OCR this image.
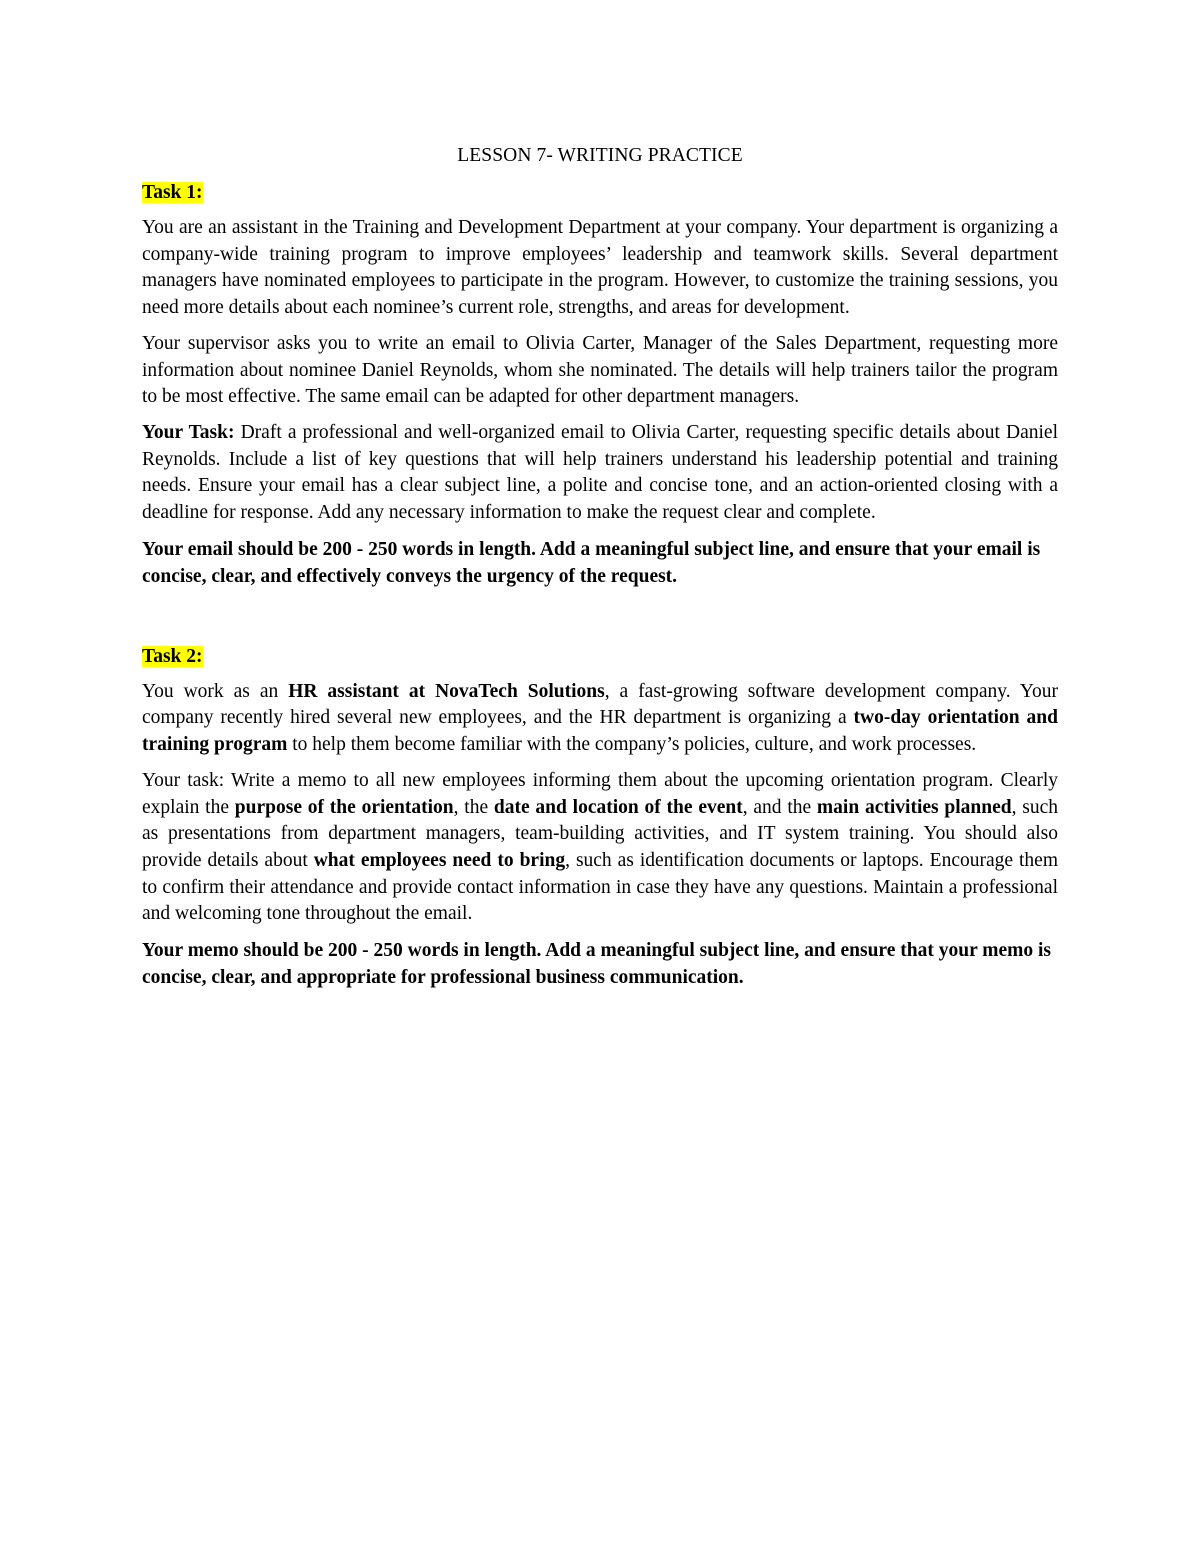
LESSON 7- WRITING PRACTICE
Task 1:

You are an assistant in the Training and Development Department at your company. Your department is organizing a company-wide training program to improve employees’ leadership and teamwork skills. Several department managers have nominated employees to participate in the program. However, to customize the training sessions, you need more details about each nominee’s current role, strengths, and areas for development.

Your supervisor asks you to write an email to Olivia Carter, Manager of the Sales Department, requesting more information about nominee Daniel Reynolds, whom she nominated. The details will help trainers tailor the program to be most effective. The same email can be adapted for other department managers.

Your Task: Draft a professional and well-organized email to Olivia Carter, requesting specific details about Daniel Reynolds. Include a list of key questions that will help trainers understand his leadership potential and training needs. Ensure your email has a clear subject line, a polite and concise tone, and an action-oriented closing with a deadline for response. Add any necessary information to make the request clear and complete.

Your email should be 200 - 250 words in length. Add a meaningful subject line, and ensure that your email is concise, clear, and effectively conveys the urgency of the request.

Task 2:

You work as an HR assistant at NovaTech Solutions, a fast-growing software development company. Your company recently hired several new employees, and the HR department is organizing a two-day orientation and training program to help them become familiar with the company’s policies, culture, and work processes.

Your task: Write a memo to all new employees informing them about the upcoming orientation program. Clearly explain the purpose of the orientation, the date and location of the event, and the main activities planned, such as presentations from department managers, team-building activities, and IT system training. You should also provide details about what employees need to bring, such as identification documents or laptops. Encourage them to confirm their attendance and provide contact information in case they have any questions. Maintain a professional and welcoming tone throughout the email.

Your memo should be 200 - 250 words in length. Add a meaningful subject line, and ensure that your memo is concise, clear, and appropriate for professional business communication.
